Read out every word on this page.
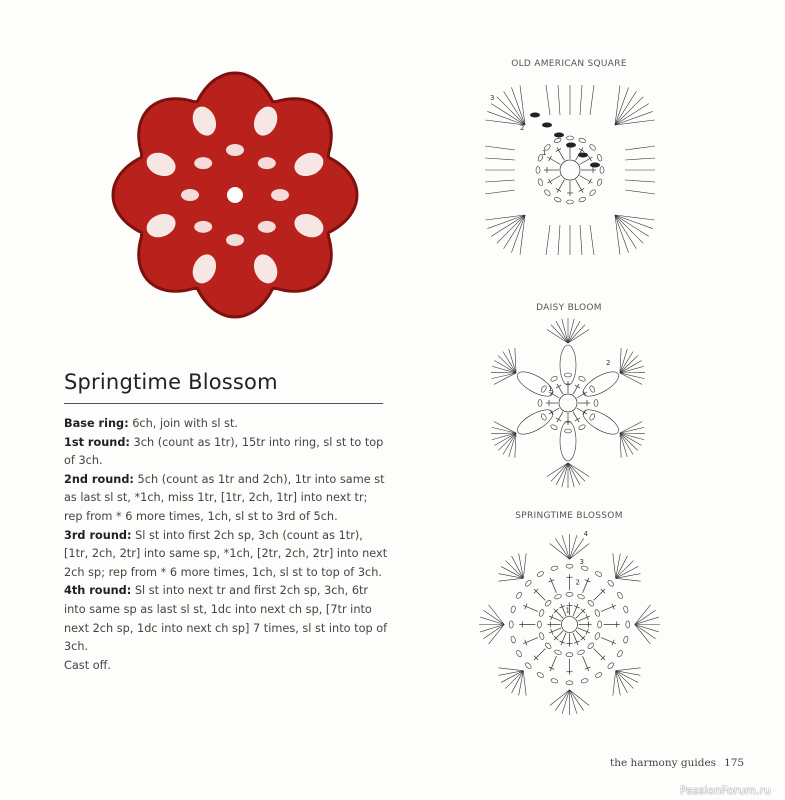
Springtime Blossom

Base ring: 6ch, join with sl st.

1st round: 3ch (count as 1tr), 15tr into ring, sl st to top of 3ch.

2nd round: 5ch (count as 1tr and 2ch), 1tr into same st as last sl st, *1ch, miss 1tr, [1tr, 2ch, 1tr] into next tr; rep from * 6 more times, 1ch, sl st to 3rd of 5ch.

3rd round: Sl st into first 2ch sp, 3ch (count as 1tr), [1tr, 2ch, 2tr] into same sp, *1ch, [2tr, 2ch, 2tr] into next 2ch sp; rep from * 6 more times, 1ch, sl st to top of 3ch.

4th round: Sl st into next tr and first 2ch sp, 3ch, 6tr into same sp as last sl st, 1dc into next ch sp, [7tr into next 2ch sp, 1dc into next ch sp] 7 times, sl st into top of 3ch.

Cast off.

OLD AMERICAN SQUARE
1
2
3
DAISY BLOOM
1
2
SPRINGTIME BLOSSOM
1
2
3
4
the harmony guides 175
PassionForum.ru
